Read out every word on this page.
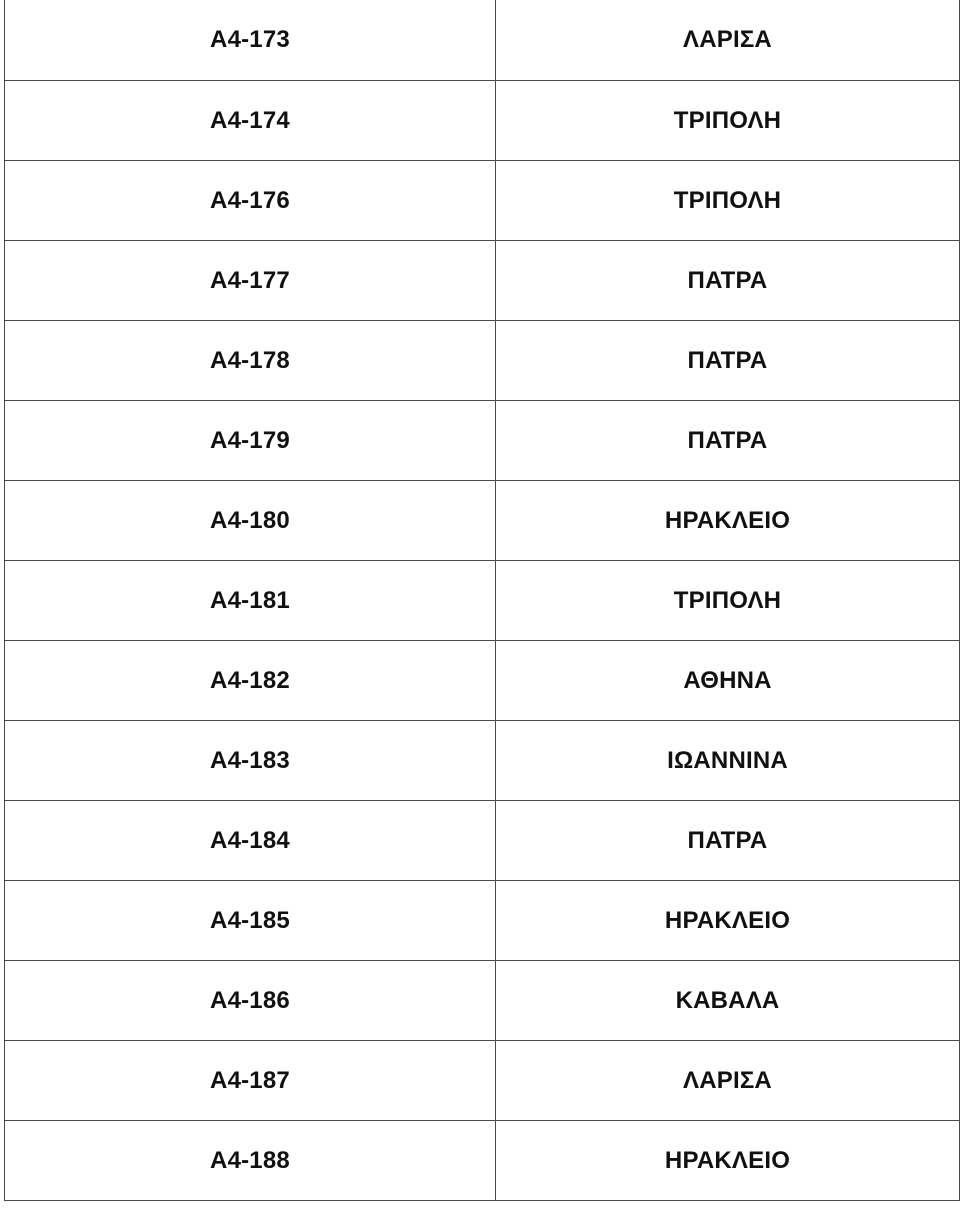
A4-173	ΛΑΡΙΣΑ
A4-174	ΤΡΙΠΟΛΗ
A4-176	ΤΡΙΠΟΛΗ
A4-177	ΠΑΤΡΑ
A4-178	ΠΑΤΡΑ
A4-179	ΠΑΤΡΑ
A4-180	ΗΡΑΚΛΕΙΟ
A4-181	ΤΡΙΠΟΛΗ
A4-182	ΑΘΗΝΑ
A4-183	ΙΩΑΝΝΙΝΑ
A4-184	ΠΑΤΡΑ
A4-185	ΗΡΑΚΛΕΙΟ
A4-186	ΚΑΒΑΛΑ
A4-187	ΛΑΡΙΣΑ
A4-188	ΗΡΑΚΛΕΙΟ
